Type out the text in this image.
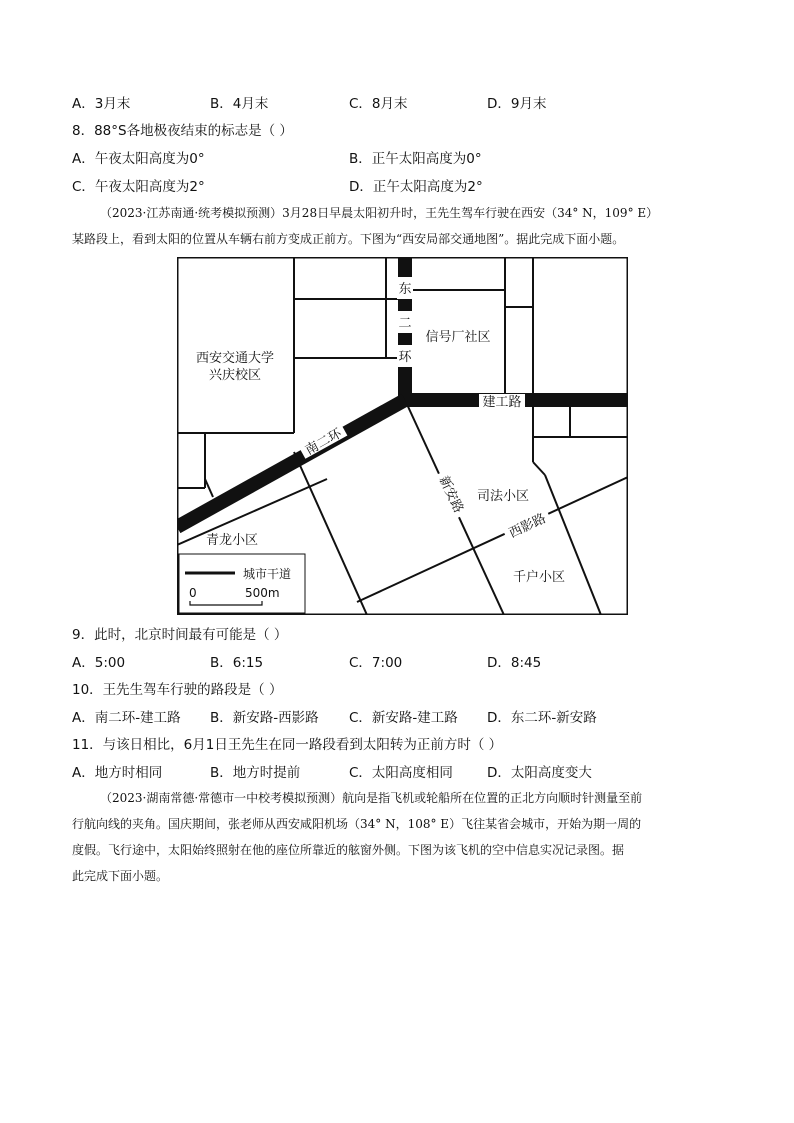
A．3月末	B．4月末	C．8月末	D．9月末
8．88°S各地极夜结束的标志是（ ）
A．午夜太阳高度为0°	B．正午太阳高度为0°
C．午夜太阳高度为2°	D．正午太阳高度为2°
（2023·江苏南通·统考模拟预测）3月28日早晨太阳初升时，王先生驾车行驶在西安（34° N，109° E）
某路段上，看到太阳的位置从车辆右前方变成正前方。下图为“西安局部交通地图”。据此完成下面小题。
西安交通大学
兴庆校区
信号厂社区
东
二
环
建工路
南二环
新安路 司法小区
西影路
青龙小区
千户小区
城市干道
0	500m
9．此时，北京时间最有可能是（ ）
A．5:00	B．6:15	C．7:00	D．8:45
10．王先生驾车行驶的路段是（ ）
A．南二环-建工路 B．新安路-西影路 C．新安路-建工路 D．东二环-新安路
11．与该日相比，6月1日王先生在同一路段看到太阳转为正前方时（ ）
A．地方时相同	B．地方时提前	C．太阳高度相同	D．太阳高度变大
（2023·湖南常德·常德市一中校考模拟预测）航向是指飞机或轮船所在位置的正北方向顺时针测量至前
行航向线的夹角。国庆期间，张老师从西安咸阳机场（34° N，108° E）飞往某省会城市，开始为期一周的
度假。飞行途中，太阳始终照射在他的座位所靠近的舷窗外侧。下图为该飞机的空中信息实况记录图。据
此完成下面小题。
